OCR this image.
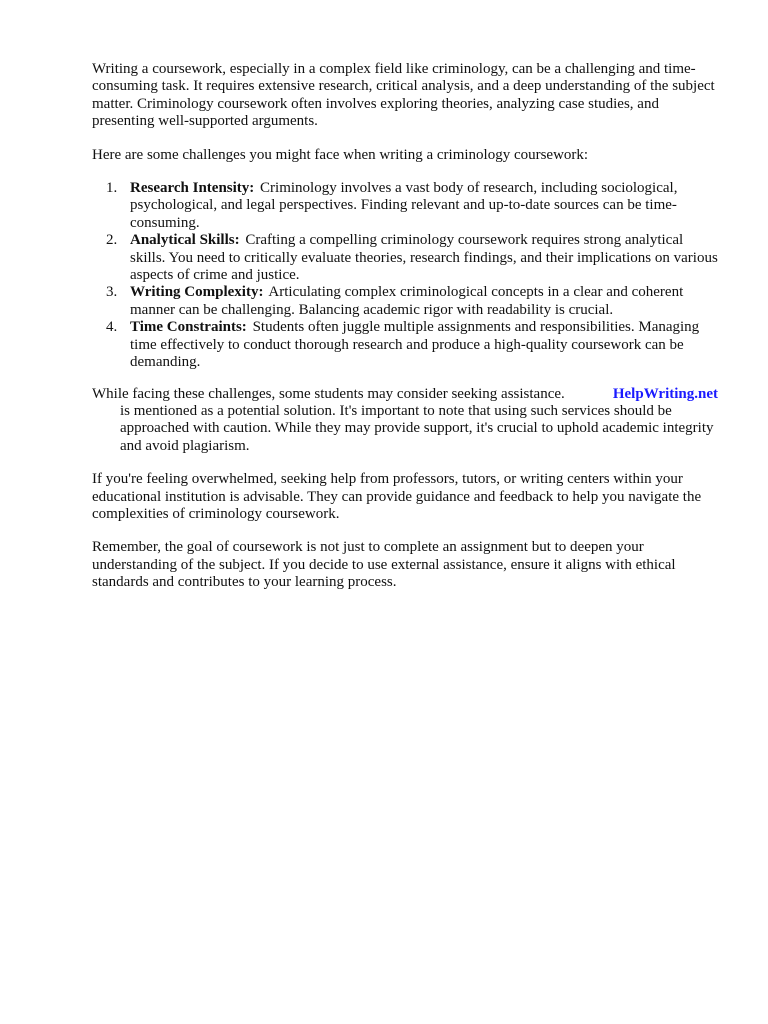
Writing a coursework, especially in a complex field like criminology, can be a challenging and time-consuming task. It requires extensive research, critical analysis, and a deep understanding of the subject matter. Criminology coursework often involves exploring theories, analyzing case studies, and presenting well-supported arguments.

Here are some challenges you might face when writing a criminology coursework:

1. Research Intensity: Criminology involves a vast body of research, including sociological, psychological, and legal perspectives. Finding relevant and up-to-date sources can be time-consuming.
2. Analytical Skills: Crafting a compelling criminology coursework requires strong analytical skills. You need to critically evaluate theories, research findings, and their implications on various aspects of crime and justice.
3. Writing Complexity: Articulating complex criminological concepts in a clear and coherent manner can be challenging. Balancing academic rigor with readability is crucial.
4. Time Constraints: Students often juggle multiple assignments and responsibilities. Managing time effectively to conduct thorough research and produce a high-quality coursework can be demanding.

HelpWriting.net
While facing these challenges, some students may consider seeking assistance.
is mentioned as a potential solution. It's important to note that using such services should be approached with caution. While they may provide support, it's crucial to uphold academic integrity and avoid plagiarism.

If you're feeling overwhelmed, seeking help from professors, tutors, or writing centers within your educational institution is advisable. They can provide guidance and feedback to help you navigate the complexities of criminology coursework.

Remember, the goal of coursework is not just to complete an assignment but to deepen your understanding of the subject. If you decide to use external assistance, ensure it aligns with ethical standards and contributes to your learning process.
